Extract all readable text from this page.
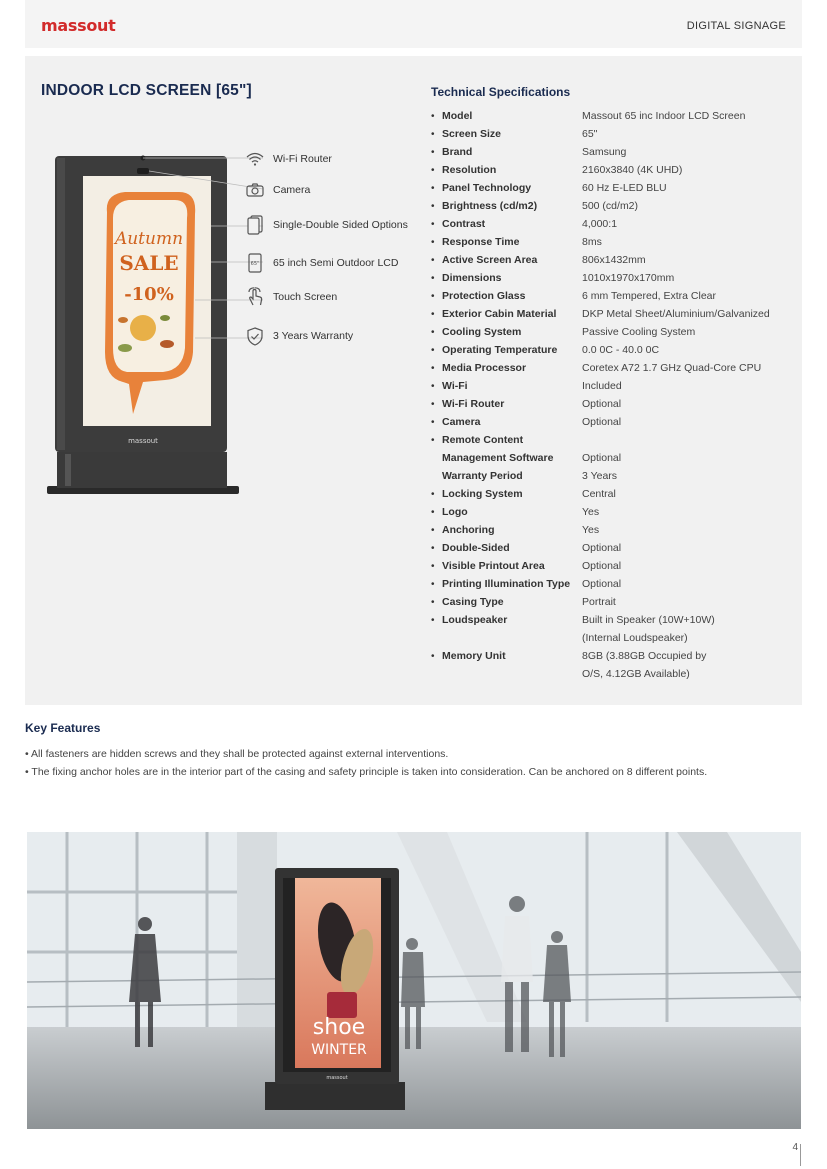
massout	DIGITAL SIGNAGE
INDOOR LCD SCREEN [65"]
Autumn
SALE
-10%
massout
Wi-Fi Router
Camera
Single-Double Sided Options
65" 65 inch Semi Outdoor LCD
Touch Screen
3 Years Warranty
Technical Specifications
• Model	Massout 65 inc Indoor LCD Screen
• Screen Size	65"
• Brand	Samsung
• Resolution	2160x3840 (4K UHD)
• Panel Technology	60 Hz E-LED BLU
• Brightness (cd/m2)	500 (cd/m2)
• Contrast	4,000:1
• Response Time	8ms
• Active Screen Area	806x1432mm
• Dimensions	1010x1970x170mm
• Protection Glass	6 mm Tempered, Extra Clear
• Exterior Cabin Material	DKP Metal Sheet/Aluminium/Galvanized
• Cooling System	Passive Cooling System
• Operating Temperature	0.0 0C - 40.0 0C
• Media Processor	Coretex A72 1.7 GHz Quad-Core CPU
• Wi-Fi	Included
• Wi-Fi Router	Optional
• Camera	Optional
• Remote Content
Management Software	Optional
Warranty Period	3 Years
• Locking System	Central
• Logo	Yes
• Anchoring	Yes
• Double-Sided	Optional
• Visible Printout Area	Optional
• Printing Illumination Type	Optional
• Casing Type	Portrait
• Loudspeaker	Built in Speaker (10W+10W)
(Internal Loudspeaker)
• Memory Unit	8GB (3.88GB Occupied by
O/S, 4.12GB Available)
Key Features
• All fasteners are hidden screws and they shall be protected against external interventions.
• The fixing anchor holes are in the interior part of the casing and safety principle is taken into consideration. Can be anchored on 8 different points.
shoe
WINTER
massout
4
